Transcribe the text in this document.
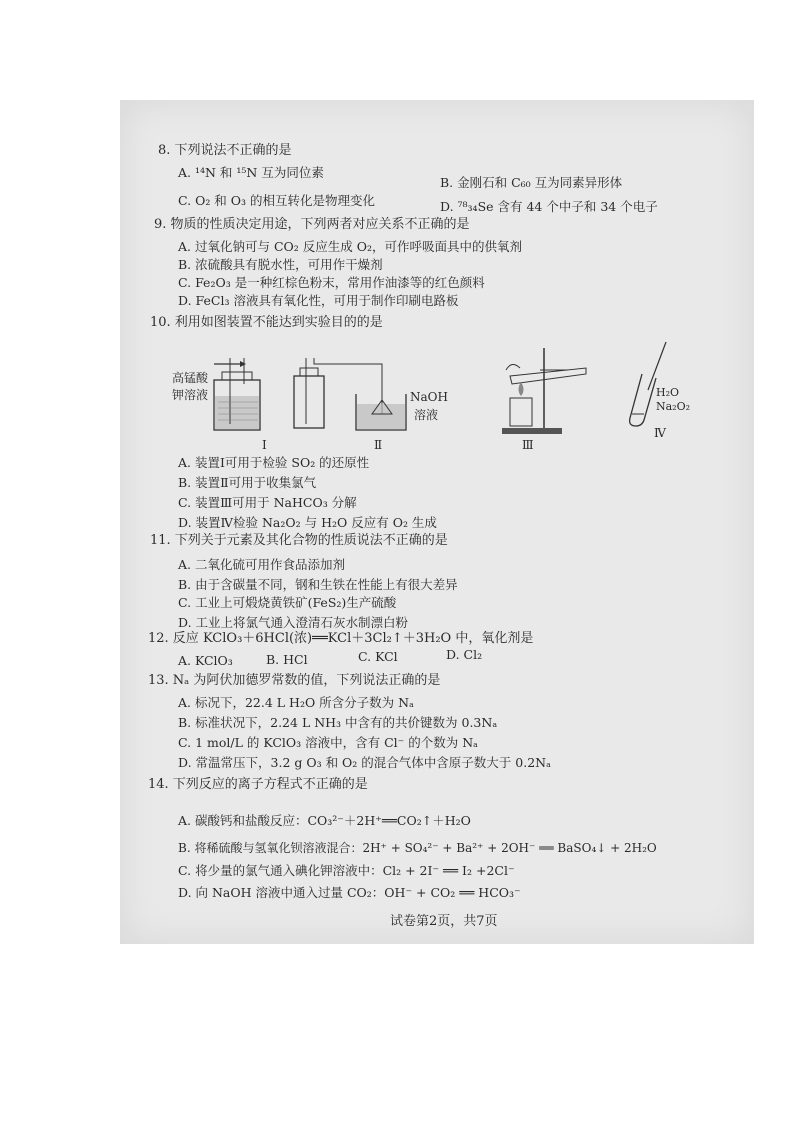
8. 下列说法不正确的是
A. ¹⁴N 和 ¹⁵N 互为同位素
B. 金刚石和 C₆₀ 互为同素异形体
C. O₂ 和 O₃ 的相互转化是物理变化	D. ⁷⁸₃₄Se 含有 44 个中子和 34 个电子
9. 物质的性质决定用途，下列两者对应关系不正确的是
A. 过氧化钠可与 CO₂ 反应生成 O₂，可作呼吸面具中的供氧剂
B. 浓硫酸具有脱水性，可用作干燥剂
C. Fe₂O₃ 是一种红棕色粉末，常用作油漆等的红色颜料
D. FeCl₃ 溶液具有氧化性，可用于制作印刷电路板
10. 利用如图装置不能达到实验目的的是
高锰酸钾溶液
Ⅰ
NaOH
溶液
Ⅱ	Ⅲ
H₂O
Na₂O₂
Ⅳ
A. 装置Ⅰ可用于检验 SO₂ 的还原性
B. 装置Ⅱ可用于收集氯气
C. 装置Ⅲ可用于 NaHCO₃ 分解
D. 装置Ⅳ检验 Na₂O₂ 与 H₂O 反应有 O₂ 生成
11. 下列关于元素及其化合物的性质说法不正确的是
A. 二氧化硫可用作食品添加剂
B. 由于含碳量不同，钢和生铁在性能上有很大差异
C. 工业上可煅烧黄铁矿(FeS₂)生产硫酸
D. 工业上将氯气通入澄清石灰水制漂白粉
12. 反应 KClO₃＋6HCl(浓)══KCl＋3Cl₂↑＋3H₂O 中，氧化剂是
A. KClO₃	B. HCl	C. KCl	D. Cl₂
13. Nₐ 为阿伏加德罗常数的值，下列说法正确的是
A. 标况下，22.4 L H₂O 所含分子数为 Nₐ
B. 标准状况下，2.24 L NH₃ 中含有的共价键数为 0.3Nₐ
C. 1 mol/L 的 KClO₃ 溶液中，含有 Cl⁻ 的个数为 Nₐ
D. 常温常压下，3.2 g O₃ 和 O₂ 的混合气体中含原子数大于 0.2Nₐ
14. 下列反应的离子方程式不正确的是
A. 碳酸钙和盐酸反应：CO₃²⁻＋2H⁺══CO₂↑＋H₂O
B. 将稀硫酸与氢氧化钡溶液混合：2H⁺ + SO₄²⁻ + Ba²⁺ + 2OH⁻ ══ BaSO₄↓ + 2H₂O
C. 将少量的氯气通入碘化钾溶液中：Cl₂ + 2I⁻ ══ I₂ +2Cl⁻
D. 向 NaOH 溶液中通入过量 CO₂：OH⁻ + CO₂ ══ HCO₃⁻
试卷第2页，共7页
